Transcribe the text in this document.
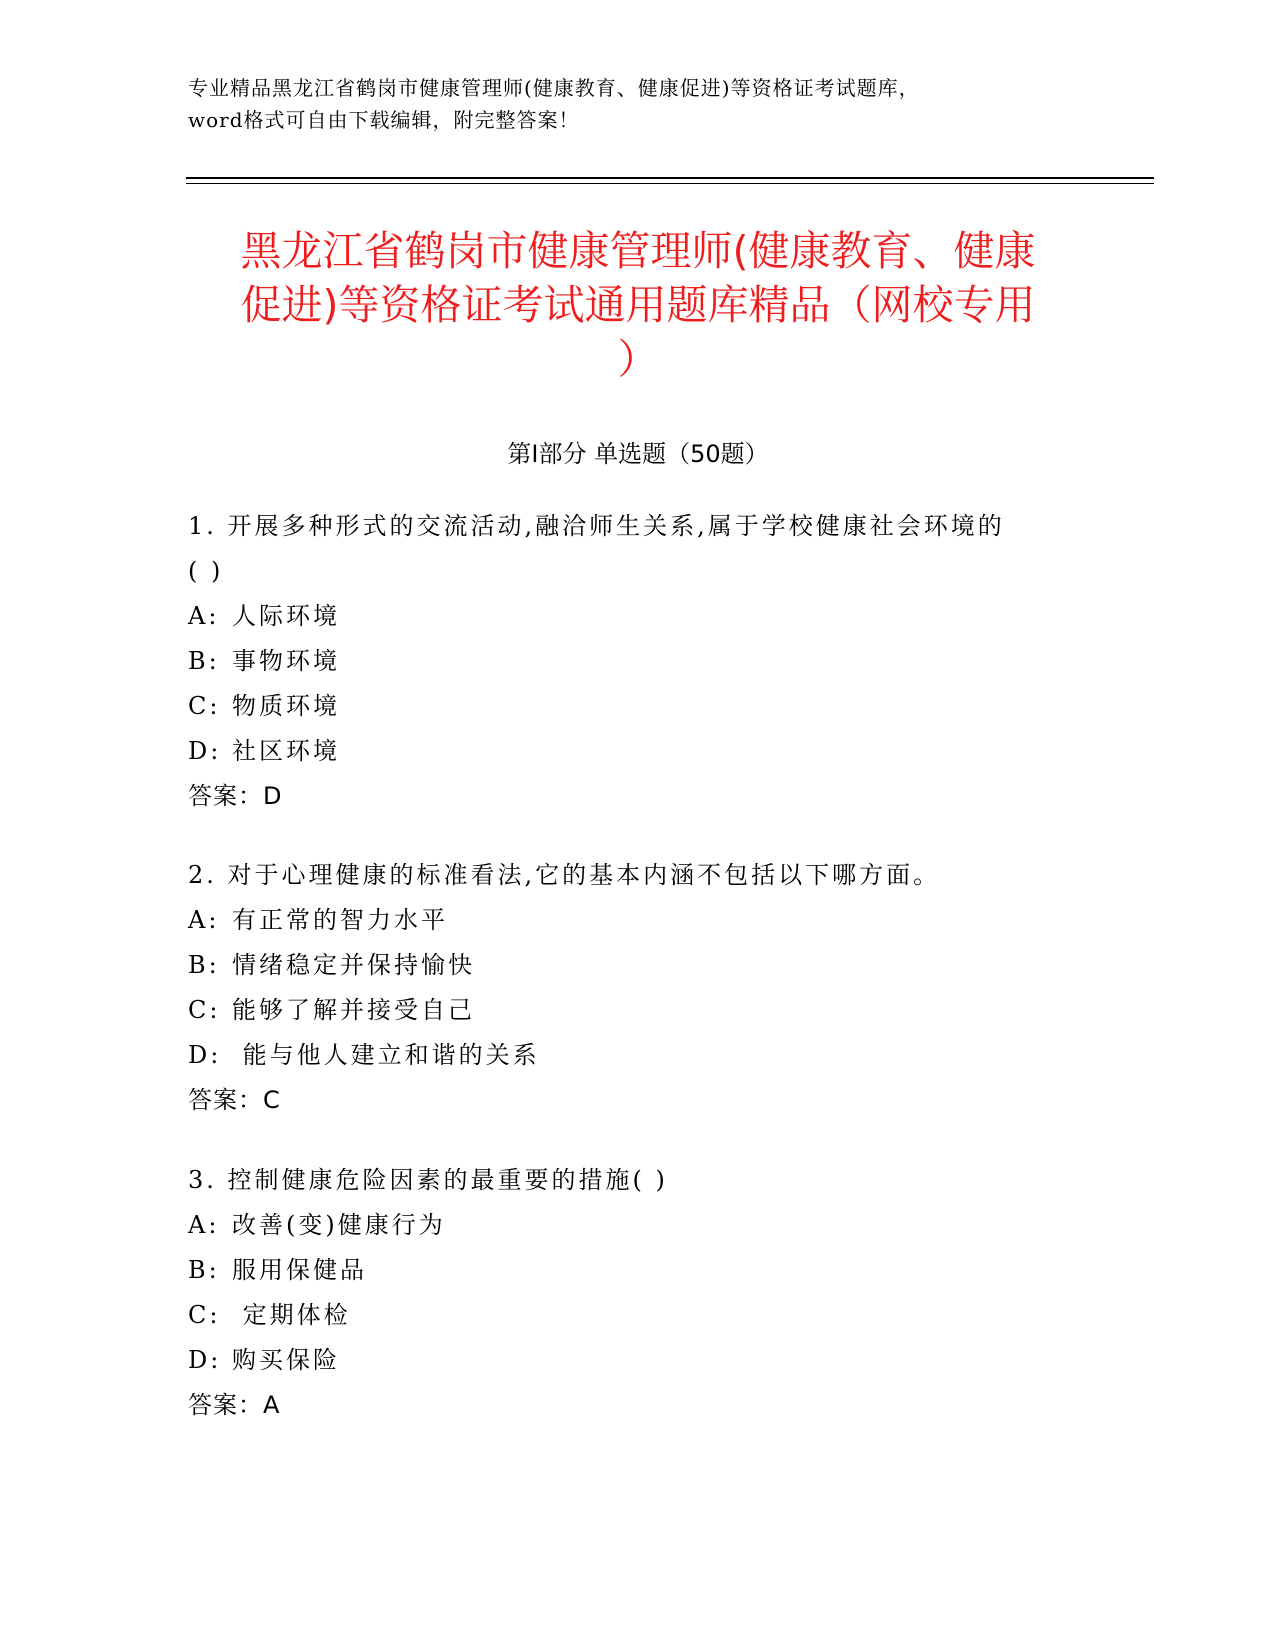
专业精品黑龙江省鹤岗市健康管理师(健康教育、健康促进)等资格证考试题库，
word格式可自由下载编辑，附完整答案！
黑龙江省鹤岗市健康管理师(健康教育、健康
促进)等资格证考试通用题库精品（网校专用
）
第Ⅰ部分 单选题（50题）
1. 开展多种形式的交流活动,融洽师生关系,属于学校健康社会环境的
( )
A: 人际环境
B: 事物环境
C: 物质环境
D: 社区环境
答案：D
2. 对于心理健康的标准看法,它的基本内涵不包括以下哪方面。
A: 有正常的智力水平
B: 情绪稳定并保持愉快
C: 能够了解并接受自己
D: 能与他人建立和谐的关系
答案：C
3. 控制健康危险因素的最重要的措施( )
A: 改善(变)健康行为
B: 服用保健品
C: 定期体检
D: 购买保险
答案：A
